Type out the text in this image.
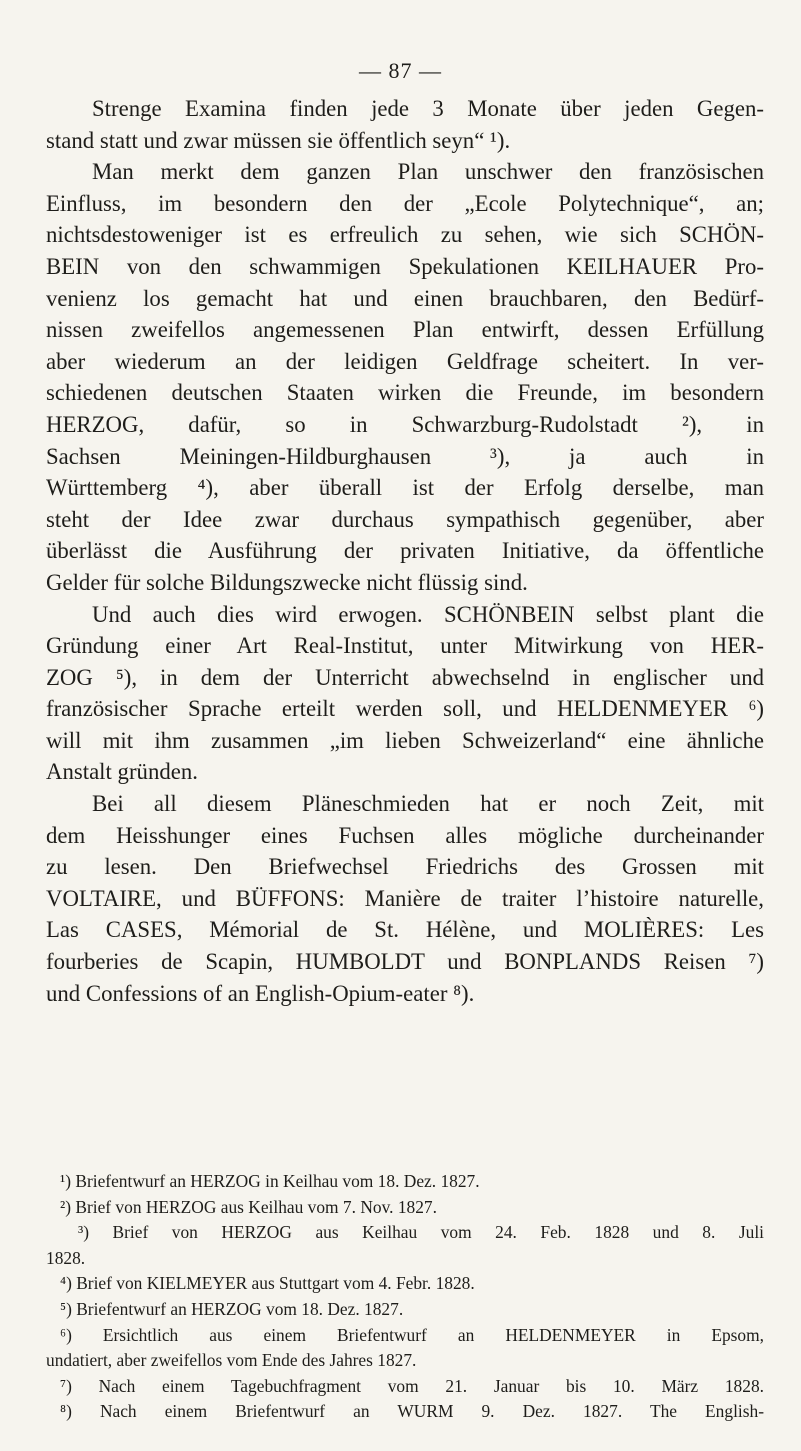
— 87 —
Strenge Examina finden jede 3 Monate über jeden Gegen-
stand statt und zwar müssen sie öffentlich seyn“ ¹).
Man merkt dem ganzen Plan unschwer den französischen
Einfluss, im besondern den der „Ecole Polytechnique“, an;
nichtsdestoweniger ist es erfreulich zu sehen, wie sich SCHÖN-
BEIN von den schwammigen Spekulationen KEILHAUER Pro-
venienz los gemacht hat und einen brauchbaren, den Bedürf-
nissen zweifellos angemessenen Plan entwirft, dessen Erfüllung
aber wiederum an der leidigen Geldfrage scheitert. In ver-
schiedenen deutschen Staaten wirken die Freunde, im besondern
HERZOG, dafür, so in Schwarzburg-Rudolstadt ²), in
Sachsen Meiningen-Hildburghausen ³), ja auch in
Württemberg ⁴), aber überall ist der Erfolg derselbe, man
steht der Idee zwar durchaus sympathisch gegenüber, aber
überlässt die Ausführung der privaten Initiative, da öffentliche
Gelder für solche Bildungszwecke nicht flüssig sind.
Und auch dies wird erwogen. SCHÖNBEIN selbst plant die
Gründung einer Art Real-Institut, unter Mitwirkung von HER-
ZOG ⁵), in dem der Unterricht abwechselnd in englischer und
französischer Sprache erteilt werden soll, und HELDENMEYER ⁶)
will mit ihm zusammen „im lieben Schweizerland“ eine ähnliche
Anstalt gründen.
Bei all diesem Pläneschmieden hat er noch Zeit, mit
dem Heisshunger eines Fuchsen alles mögliche durcheinander
zu lesen. Den Briefwechsel Friedrichs des Grossen mit
VOLTAIRE, und BÜFFONS: Manière de traiter l’histoire naturelle,
Las CASES, Mémorial de St. Hélène, und MOLIÈRES: Les
fourberies de Scapin, HUMBOLDT und BONPLANDS Reisen ⁷)
und Confessions of an English-Opium-eater ⁸).
¹) Briefentwurf an HERZOG in Keilhau vom 18. Dez. 1827.
²) Brief von HERZOG aus Keilhau vom 7. Nov. 1827.
³) Brief von HERZOG aus Keilhau vom 24. Feb. 1828 und 8. Juli
1828.
⁴) Brief von KIELMEYER aus Stuttgart vom 4. Febr. 1828.
⁵) Briefentwurf an HERZOG vom 18. Dez. 1827.
⁶) Ersichtlich aus einem Briefentwurf an HELDENMEYER in Epsom,
undatiert, aber zweifellos vom Ende des Jahres 1827.
⁷) Nach einem Tagebuchfragment vom 21. Januar bis 10. März 1828.
⁸) Nach einem Briefentwurf an WURM 9. Dez. 1827. The English-
